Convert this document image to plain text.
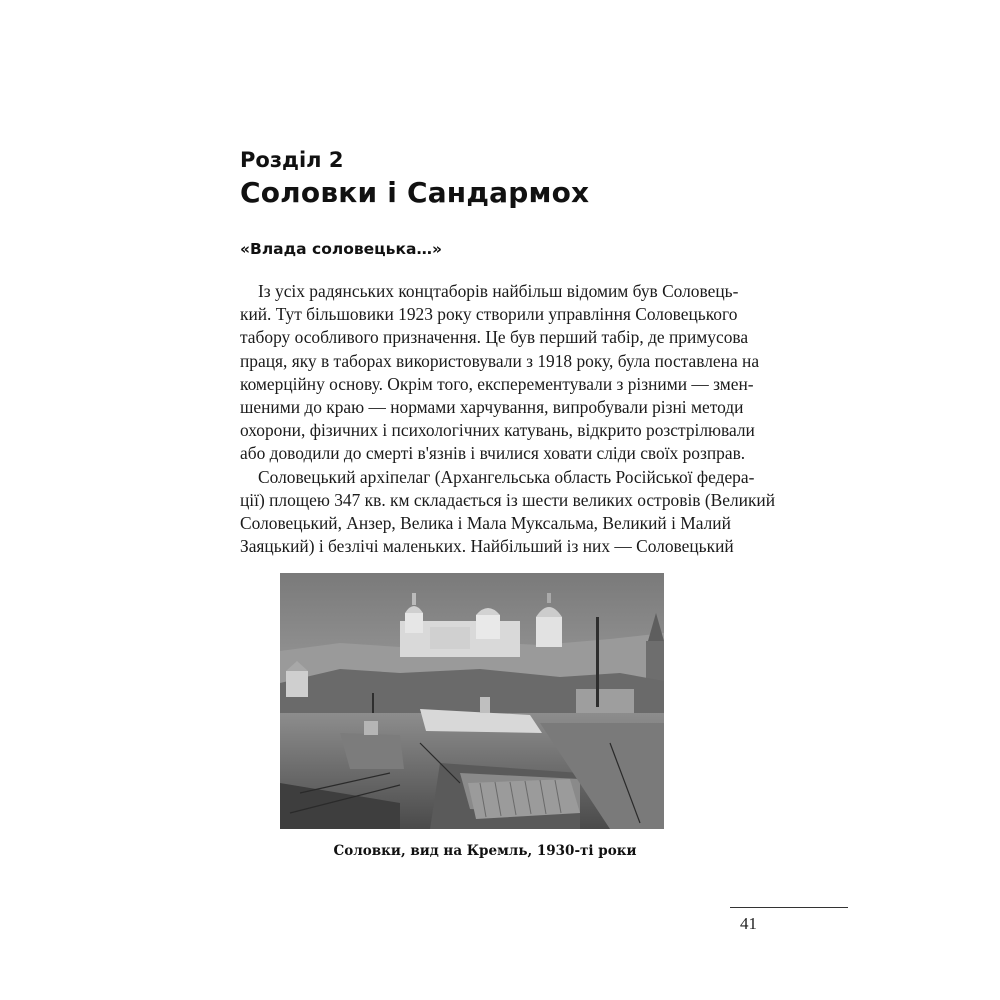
Розділ 2
Соловки і Сандармох
«Влада соловецька…»
Із усіх радянських концтаборів найбільш відомим був Соловець-
кий. Тут більшовики 1923 року створили управління Соловецького
табору особливого призначення. Це був перший табір, де примусова
праця, яку в таборах використовували з 1918 року, була поставлена на
комерційну основу. Окрім того, експерементували з різними — змен-
шеними до краю — нормами харчування, випробували різні методи
охорони, фізичних і психологічних катувань, відкрито розстрілювали
або доводили до смерті в'язнів і вчилися ховати сліди своїх розправ.
Соловецький архіпелаг (Архангельська область Російської федера-
ції) площею 347 кв. км складається із шести великих островів (Великий
Соловецький, Анзер, Велика і Мала Муксальма, Великий і Малий
Заяцький) і безлічі маленьких. Найбільший із них — Соловецький
Соловки, вид на Кремль, 1930-ті роки
41
